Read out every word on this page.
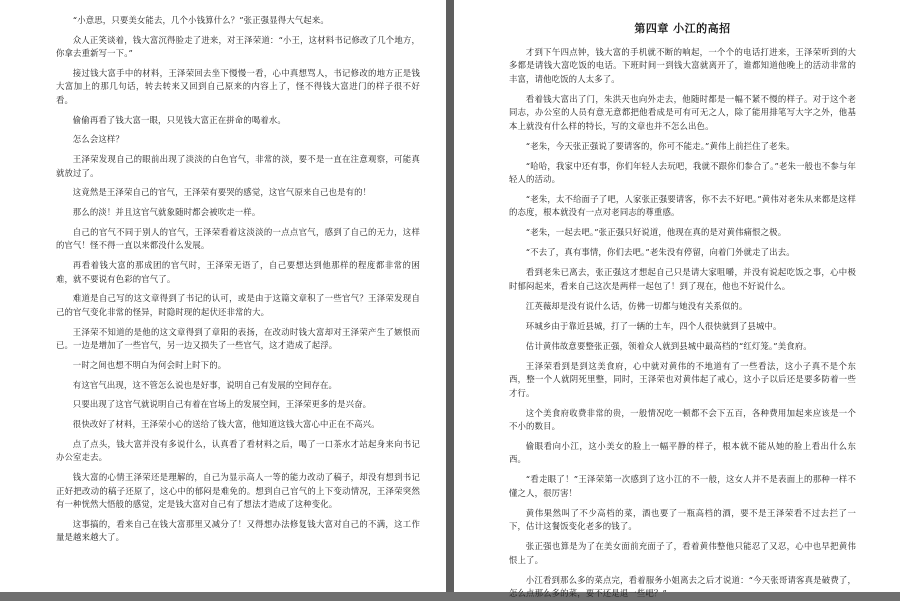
“小意思，只要美女能去，几个小钱算什么？”张正强显得大气起来。

众人正笑谈着，钱大富沉得脸走了进来，对王泽荣道：“小王，这材料书记修改了几个地方，你拿去重新写一下。”

接过钱大富手中的材料，王泽荣回去坐下慢慢一看，心中真想骂人，书记修改的地方正是钱大富加上的那几句话，转去转来又回到自己原来的内容上了，怪不得钱大富进门的样子很不好看。

偷偷再看了钱大富一眼，只见钱大富正在拼命的喝着水。

怎么会这样？

王泽荣发现自己的眼前出现了淡淡的白色官气，非常的淡，要不是一直在注意观察，可能真就放过了。

这竟然是王泽荣自己的官气，王泽荣有要哭的感觉，这官气原来自己也是有的！

那么的淡！并且这官气就象随时都会被吹走一样。

自己的官气不同于别人的官气，王泽荣看着这淡淡的一点点官气，感到了自己的无力，这样的官气！怪不得一直以来都没什么发展。

再看着钱大富的那成团的官气时，王泽荣无语了，自己要想达到他那样的程度都非常的困难，就不要说有色彩的官气了。

难道是自己写的这文章得到了书记的认可，或是由于这篇文章积了一些官气？王泽荣发现自己的官气变化非常的怪异，时隐时现的起伏还非常的大。

王泽荣不知道的是他的这文章得到了章阳的表扬，在改动时钱大富却对王泽荣产生了嫉恨而已。一边是增加了一些官气，另一边又损失了一些官气，这才造成了起浮。

一时之间也想不明白为何会时上时下的。

有这官气出现，这不管怎么说也是好事，说明自己有发展的空间存在。

只要出现了这官气就说明自己有着在官场上的发展空间，王泽荣更多的是兴奋。

很快改好了材料，王泽荣小心的送给了钱大富，他知道这钱大富心中正在不高兴。

点了点头，钱大富并没有多说什么，认真看了看材料之后，喝了一口茶水才站起身来向书记办公室走去。

钱大富的心情王泽荣还是理解的，自己为显示高人一等的能力改动了稿子，却没有想到书记正好把改动的稿子还原了，这心中的郁闷是难免的。想到自己官气的上下变动情况，王泽荣突然有一种恍然大悟般的感觉，定是钱大富对自己有了想法才造成了这种变化。

这事搞的，看来自己在钱大富那里又减分了！又得想办法修复钱大富对自己的不满，这工作量是越来越大了。

第四章 小江的高招

才到下午四点钟，钱大富的手机就不断的响起，一个个的电话打进来，王泽荣听到的大多都是请钱大富吃饭的电话。下班时间一到钱大富就离开了，谁都知道他晚上的活动非常的丰富，请他吃饭的人太多了。

看着钱大富出了门，朱洪天也向外走去，他随时都是一幅不紧不慢的样子。对于这个老同志，办公室的人员有意无意都把他看成是可有可无之人，除了能用排笔写大字之外，他基本上就没有什么样的特长，写的文章也并不怎么出色。

“老朱，今天张正强说了要请客的，你可不能走。”黄伟上前拦住了老朱。

“哈哈，我家中还有事，你们年轻人去玩吧，我就不跟你们参合了。”老朱一般也不参与年轻人的活动。

“老朱，太不给面子了吧，人家张正强要请客，你不去不好吧。”黄伟对老朱从来都是这样的态度，根本就没有一点对老同志的尊重感。

“老朱，一起去吧。”张正强只好说道，他现在真的是对黄伟痛恨之极。

“不去了，真有事情，你们去吧。”老朱没有停留，向着门外就走了出去。

看到老朱已离去，张正强这才想起自己只是请大家咀嚼，并没有说起吃饭之事，心中极时郁闷起来，看来自己这次是两样一起包了！到了现在，他也不好说什么。

江英薇却是没有说什么话，仿佛一切都与她没有关系似的。

环城乡由于靠近县城，打了一辆的士车，四个人很快就到了县城中。

估计黄伟故意要整张正强，领着众人就到县城中最高档的“红灯笼。”美食府。

王泽荣看到是到这美食府，心中就对黄伟的不地道有了一些看法，这小子真不是个东西，整一个人就阴死里整，同时，王泽荣也对黄伟起了戒心，这小子以后还是要多防着一些才行。

这个美食府收费非常的贵，一般情况吃一顿都不会下五百，各种费用加起来应该是一个不小的数目。

偷眼看向小江，这小美女的脸上一幅平静的样子，根本就不能从她的脸上看出什么东西。

“看走眼了！”王泽荣第一次感到了这小江的不一般，这女人并不是表面上的那种一样不懂之人，很厉害！

黄伟果然叫了不少高档的菜，酒也要了一瓶高档的酒，要不是王泽荣看不过去拦了一下，估计这餐饭变化老多的钱了。

张正强也算是为了在美女面前充面子了，看着黄伟整他只能忍了又忍，心中也早把黄伟恨上了。

小江看到那么多的菜点完，看着服务小姐离去之后才说道：“今天张哥请客真是破费了，怎么点那么多的菜，要不还是退一些吧？”
